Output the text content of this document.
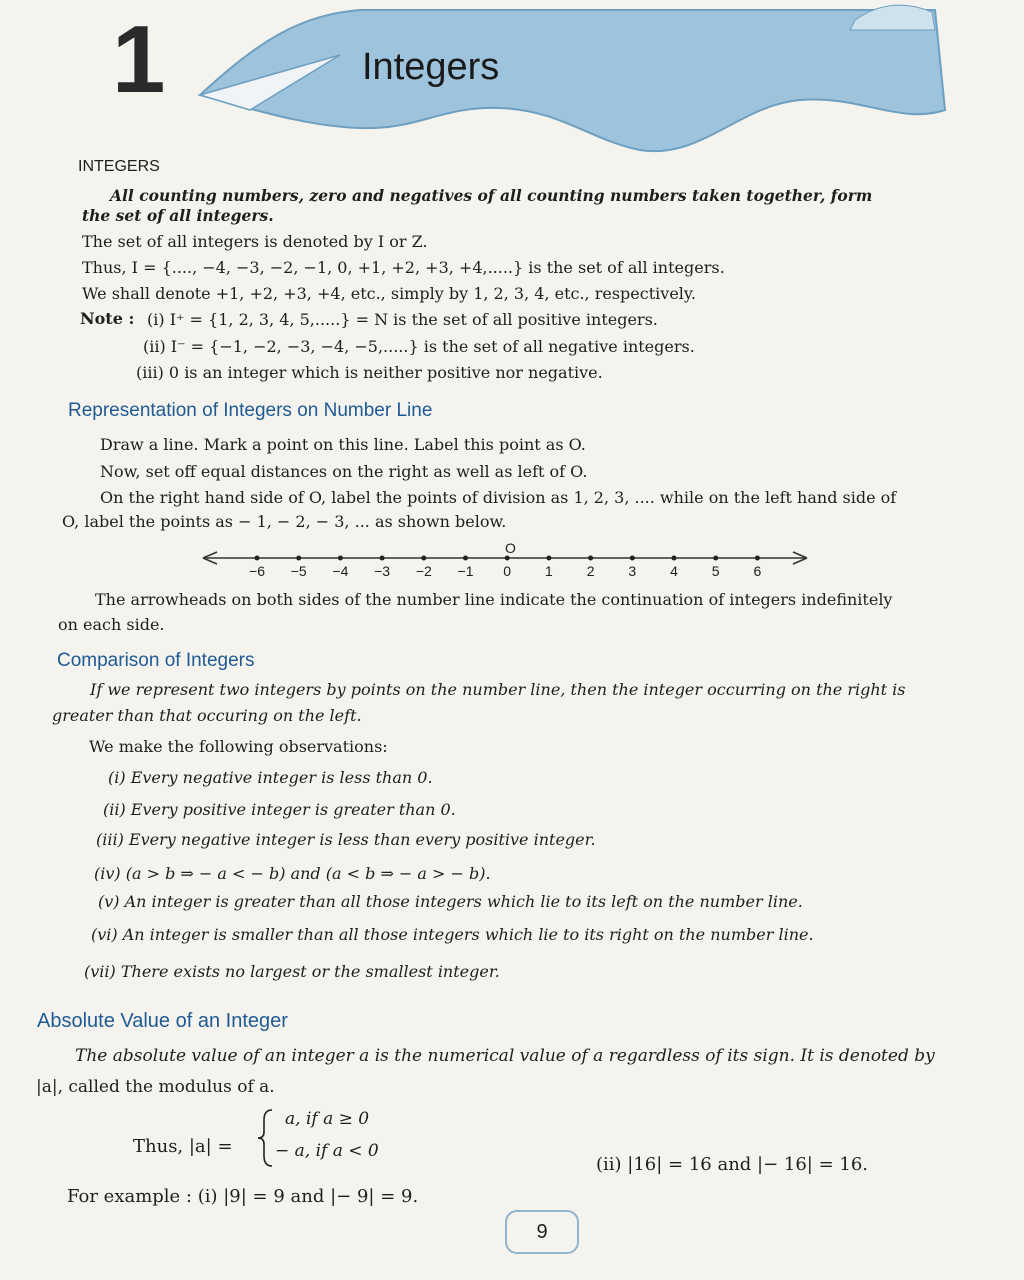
1	Integers
INTEGERS
All counting numbers, zero and negatives of all counting numbers taken together, form the set of all integers.
The set of all integers is denoted by I or Z.
Thus, I = {...., −4, −3, −2, −1, 0, +1, +2, +3, +4,.....} is the set of all integers.
We shall denote +1, +2, +3, +4, etc., simply by 1, 2, 3, 4, etc., respectively.
Note : (i) I⁺ = {1, 2, 3, 4, 5,.....} = N is the set of all positive integers.
(ii) I⁻ = {−1, −2, −3, −4, −5,.....} is the set of all negative integers.
(iii) 0 is an integer which is neither positive nor negative.
Representation of Integers on Number Line
Draw a line. Mark a point on this line. Label this point as O.
Now, set off equal distances on the right as well as left of O.
On the right hand side of O, label the points of division as 1, 2, 3, .... while on the left hand side of
O, label the points as − 1, − 2, − 3, ... as shown below.
O
−6 −5 −4 −3 −2 −1 0 1 2 3 4 5 6
The arrowheads on both sides of the number line indicate the continuation of integers indefinitely
on each side.
Comparison of Integers
If we represent two integers by points on the number line, then the integer occurring on the right is
greater than that occuring on the left.
We make the following observations:
(i) Every negative integer is less than 0.
(ii) Every positive integer is greater than 0.
(iii) Every negative integer is less than every positive integer.
(iv) (a > b ⇒ − a < − b) and (a < b ⇒ − a > − b).
(v) An integer is greater than all those integers which lie to its left on the number line.
(vi) An integer is smaller than all those integers which lie to its right on the number line.
(vii) There exists no largest or the smallest integer.
Absolute Value of an Integer
The absolute value of an integer a is the numerical value of a regardless of its sign. It is denoted by
|a|, called the modulus of a.
Thus, |a| =
a, if a ≥ 0
− a, if a < 0
For example : (i) |9| = 9 and |− 9| = 9.
(ii) |16| = 16 and |− 16| = 16.
9
